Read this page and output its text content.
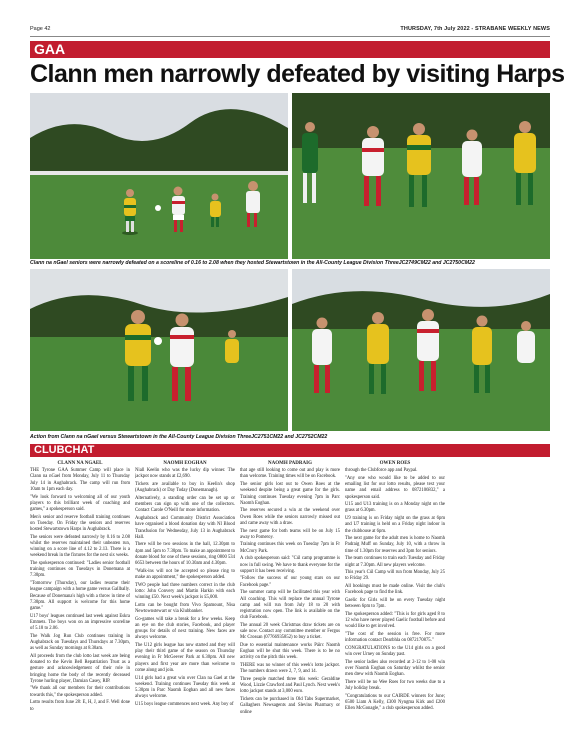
Page 42	THURSDAY, 7th July 2022 - STRABANE WEEKLY NEWS
GAA
Clann men narrowly defeated by visiting Harps
Clann na nGael seniors were narrowly defeated on a scoreline of 0.16 to 2.08 when they hosted Stewartstown in the All-County League Division ThreeJC2749CM22 and JC2750CM22
Action from Clann na nGael versus Stewartstown in the All-County League Division ThreeJC2751CM22 and JC2752CM22
CLUBCHAT

CLANN NA NGAEL

THE Tyrone GAA Summer Camp will place in Clann na nGael from Monday, July 11 to Thursday July 14 in Aughabrack. The camp will run from 10am to 1pm each day.

"We look forward to welcoming all of our youth players to this brilliant week of coaching and games," a spokesperson said.

Men's senior and reserve football training continues on Tuesday. On Friday the seniors and reserves hosted Stewartstown Harps in Aughabrack.

The seniors were defeated narrowly by 0.16 to 2.08 whilst the reserves maintained their unbeaten run, winning on a score line of 4.12 to 2.13. There is a weekend break in the fixtures for the next six weeks.

The spokesperson continued: "Ladies senior football training continues on Tuesdays in Donemana at 7.30pm.

"Tomorrow (Thursday), our ladies resume their league campaign with a home game versus Gallbally. Because of Donemana's high with a throw in time of 7.30pm. All support is welcome for this home game."

U17 boys' leagues continued last week against Eskra Emmets. The boys won on an impressive scoreline of 5.18 to 2.06.

The Walk Jog Run Club continues training in Aughabrack on Tuesdays and Thursdays at 7.30pm, as well as Sunday mornings at 8.30am.

All proceeds from the club lotto last week are being donated to the Kevin Bell Repatriation Trust as a gesture and acknowledgement of their role in bringing home the body of the recently deceased Tyrone hurling player, Damian Casey, RIP.

"We thank all our members for their contributions towards this," the spokesperson added.

Lotto results from June 28: E, H, J, and F. Well done to

NAOMH EOGHAN

Niall Keelin who was the lucky dip winner. The jackpot now stands at £2,690.

Tickets are available to buy in Keelin's shop (Aughabrack) or Day Today (Donemanagh).

Alternatively, a standing order can be set up or members can sign up with one of the collectors. Contact Carole O'Neill for more information.

Aughabrack and Community District Association have organised a blood donation day with NI Blood Transfusion for Wednesday, July 13 in Aughabrack Hall.

There will be two sessions in the hall, 12.30pm to 4pm and 5pm to 7.30pm. To make an appointment to donate blood for one of these sessions, ring 0800 534 6653 between the hours of 10.30am and 4.30pm.

"Walk-ins will not be accepted so please ring to make an appointment," the spokesperson added.

TWO people had three numbers correct in the club lotto: John Convery and Martin Harkin with each winning £50. Next week's jackpot is £5,000.

Lotto can be bought from Vivo Spamount, Nisa Newtownstewart or via Klubbanker.

Go-games will take a break for a few weeks. Keep an eye on the club stories, Facebook, and player groups for details of next training. New faces are always welcome.

The U12 girls league has now started and they will play their third game of the season on Thursday evening in Fr McGeever Park at 6.30pm. All new players and first year are more than welcome to come along and join.

U14 girls had a great win over Clan na Gael at the weekend. Training continues Tuesday this week at 5.30pm in Parc Naomh Eoghan and all new faces always welcome.

U15 boys league commences next week. Any boy of

NAOMH PADRAIG

that age still looking to come out and play is more than welcome. Training times will be on Facebook.

The senior girls lost out to Owen Roes at the weekend despite being a great game for the girls. Training continues Tuesday evening 7pm in Parc Naomh Eoghan.

The reserves secured a win at the weekend over Owen Roes while the seniors narrowly missed out and came away with a draw.

The next game for both teams will be on July 15 away to Pomeroy.

Training continues this week on Tuesday 7pm in Fr McCrory Park.

A club spokesperson said: "Cúl camp programme is now in full swing. We have to thank everyone for the support it has been receiving.

"Follow the success of our young stars on our Facebook page."

The summer camp will be facilitated this year with All coaching. This will replace the annual Tyrone camp and will run from July 18 to 20 with registration now open. The link is available on the club Facebook.

The annual 20 week Christmas draw tickets are on sale now. Contact any committee member or Fergus Mc Crossan (07766935852) to buy a ticket.

Due to essential maintenance works Páirc Naomh Eoghan will be shut this week. There is to be no activity on the pitch this week.

THERE was no winner of this week's lotto jackpot. The numbers drawn were 2, 7, 9, and 14.

Three people matched three this week: Geraldine Wood, Lizzie Crawford and Paul Lynch. Next week's lotto jackpot stands at 3,000 euro.

Tickets can be purchased in Old Tabs Supermarket, Gallaghers Newsagents and Slevins Pharmacy or online

OWEN ROES

through the Clubforce app and Paypal.

"Any one who would like to be added to our emailing list for our lotto results, please text your name and email address to 0872106832," a spokesperson said.

U15 and U13 training is on a Monday night on the grass at 6.30pm.

U9 training is on Friday night on the grass at 6pm and U7 training is held on a Friday night indoor in the clubhouse at 6pm.

The next game for the adult men is home to Naomh Padraig Muff on Sunday, July 10, with a throw in time of 1.30pm for reserves and 3pm for seniors.

The team continues to train each Tuesday and Friday night at 7.30pm. All new players welcome.

This year's Cúl Camp will run from Monday, July 25 to Friday 29.

All bookings must be made online. Visit the club's Facebook page to find the link.

Gaelic for Girls will be on every Tuesday night between 6pm to 7pm.

The spokesperson added: "This is for girls aged 8 to 12 who have never played Gaelic football before and would like to get involved.

"The cost of the session is free. For more information contact Dearbhla on 0872170875."

CONGRATULATIONS to the U14 girls on a good win over Urney on Sunday past.

The senior ladies also recorded at 2-12 to 1-08 win over Naomh Eoghan on Saturday whilst the senior men drew with Naomh Eoghan.

There will be no Wee Roes for two weeks due to a July holiday break.

"Congratulations to our CAIRDE winners for June; 6500 Liam A Kelly, £300 Nyngma Kirk and £200 Ellen McGonagle," a club spokesperson added.
